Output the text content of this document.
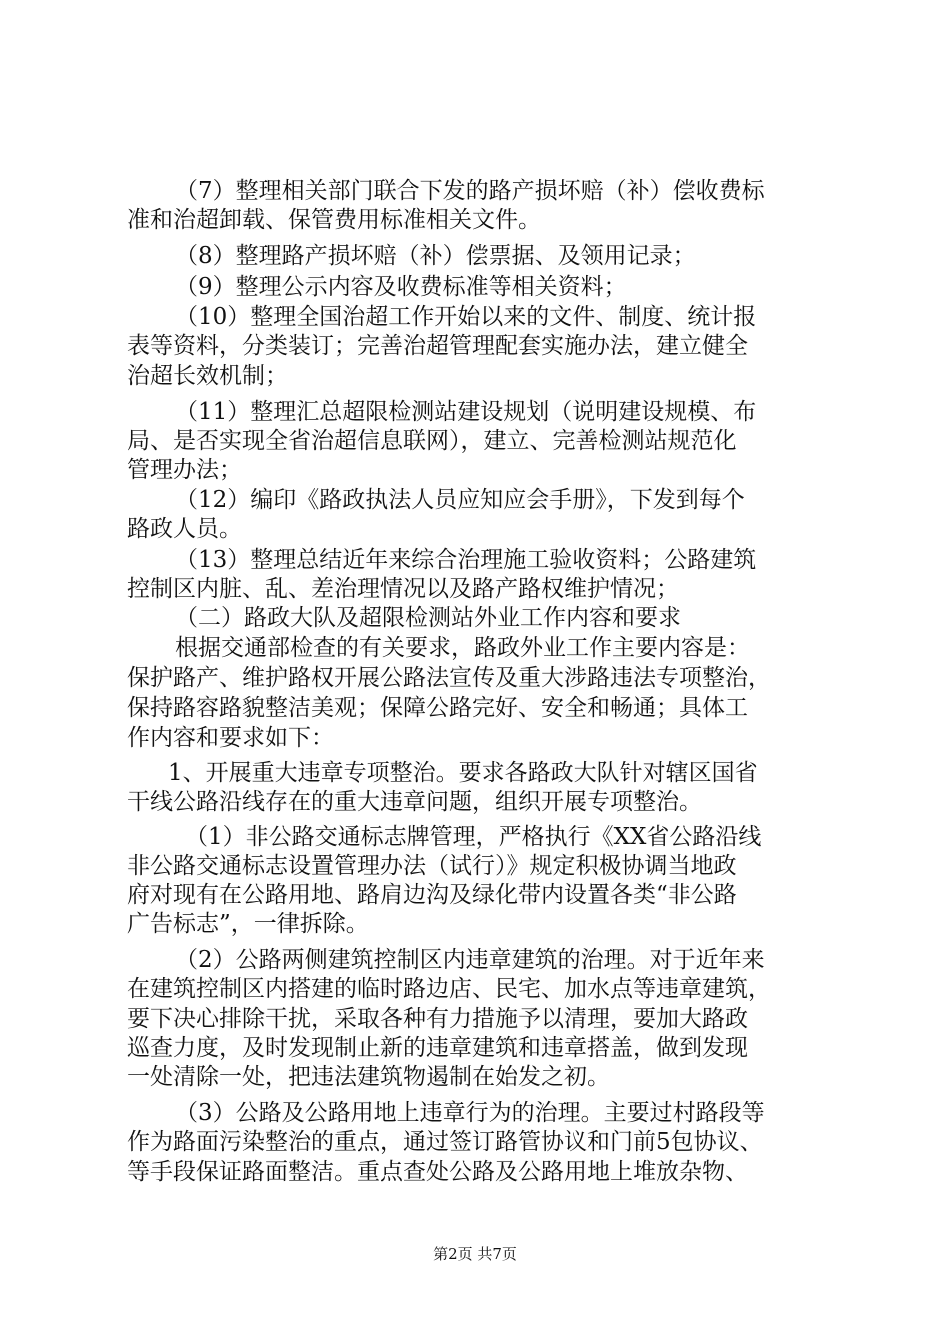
（7）整理相关部门联合下发的路产损坏赔（补）偿收费标
准和治超卸载、保管费用标准相关文件。
（8）整理路产损坏赔（补）偿票据、及领用记录；
（9）整理公示内容及收费标准等相关资料；
（10）整理全国治超工作开始以来的文件、制度、统计报
表等资料，分类装订；完善治超管理配套实施办法，建立健全
治超长效机制；
（11）整理汇总超限检测站建设规划（说明建设规模、布
局、是否实现全省治超信息联网），建立、完善检测站规范化
管理办法；
（12）编印《路政执法人员应知应会手册》，下发到每个
路政人员。
（13）整理总结近年来综合治理施工验收资料；公路建筑
控制区内脏、乱、差治理情况以及路产路权维护情况；
（二）路政大队及超限检测站外业工作内容和要求
根据交通部检查的有关要求，路政外业工作主要内容是：
保护路产、维护路权开展公路法宣传及重大涉路违法专项整治，
保持路容路貌整洁美观；保障公路完好、安全和畅通；具体工
作内容和要求如下：
1、开展重大违章专项整治。要求各路政大队针对辖区国省
干线公路沿线存在的重大违章问题，组织开展专项整治。
（1）非公路交通标志牌管理，严格执行《XX省公路沿线
非公路交通标志设置管理办法（试行）》规定积极协调当地政
府对现有在公路用地、路肩边沟及绿化带内设置各类“非公路
广告标志”，一律拆除。
（2）公路两侧建筑控制区内违章建筑的治理。对于近年来
在建筑控制区内搭建的临时路边店、民宅、加水点等违章建筑，
要下决心排除干扰，采取各种有力措施予以清理，要加大路政
巡查力度，及时发现制止新的违章建筑和违章搭盖，做到发现
一处清除一处，把违法建筑物遏制在始发之初。
（3）公路及公路用地上违章行为的治理。主要过村路段等
作为路面污染整治的重点，通过签订路管协议和门前5包协议、
等手段保证路面整洁。重点查处公路及公路用地上堆放杂物、
第2页 共7页
